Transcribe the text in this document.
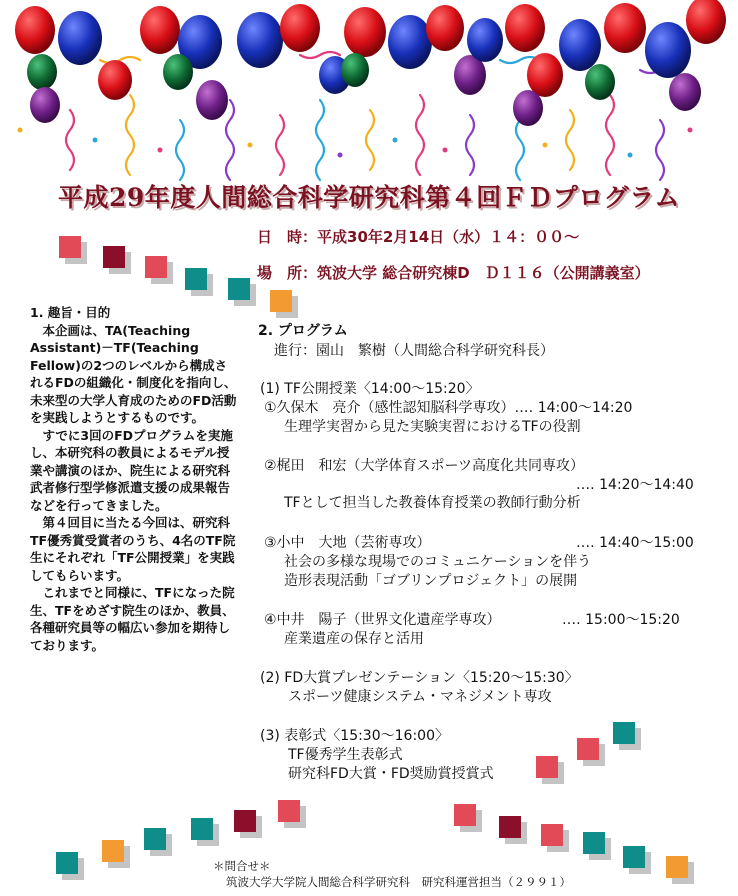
平成29年度人間総合科学研究科第４回ＦＤプログラム
日　時：平成30年2月14日（水）１４：００～
場　所：筑波大学 総合研究棟D　Ｄ１１６（公開講義室）

1. 趣旨・目的

本企画は、TA(Teaching Assistant)－TF(Teaching Fellow)の2つのレベルから構成されるFDの組織化・制度化を指向し、未来型の大学人育成のためのFD活動を実践しようとするものです。

すでに3回のFDプログラムを実施し、本研究科の教員によるモデル授業や講演のほか、院生による研究科武者修行型学修派遣支援の成果報告などを行ってきました。

第４回目に当たる今回は、研究科TF優秀賞受賞者のうち、4名のTF院生にそれぞれ「TF公開授業」を実践してもらいます。

これまでと同様に、TFになった院生、TFをめざす院生のほか、教員、各種研究員等の幅広い参加を期待しております。

2. プログラム
進行：園山　繁樹（人間総合科学研究科長）
(1) TF公開授業〈14:00～15:20〉
①久保木　亮介（感性認知脳科学専攻）‥‥ 14:00～14:20
生理学実習から見た実験実習におけるTFの役割
②梶田　和宏（大学体育スポーツ高度化共同専攻）
‥‥ 14:20～14:40
TFとして担当した教養体育授業の教師行動分析
③小中　大地（芸術専攻）	‥‥ 14:40～15:00
社会の多様な現場でのコミュニケーションを伴う
造形表現活動「ゴブリンプロジェクト」の展開
④中井　陽子（世界文化遺産学専攻）	‥‥ 15:00～15:20
産業遺産の保存と活用
(2) FD大賞プレゼンテーション〈15:20～15:30〉
スポーツ健康システム・マネジメント専攻
(3) 表彰式〈15:30～16:00〉
TF優秀学生表彰式
研究科FD大賞・FD奨励賞授賞式
＊問合せ＊
筑波大学大学院人間総合科学研究科　研究科運営担当（２９９１）
